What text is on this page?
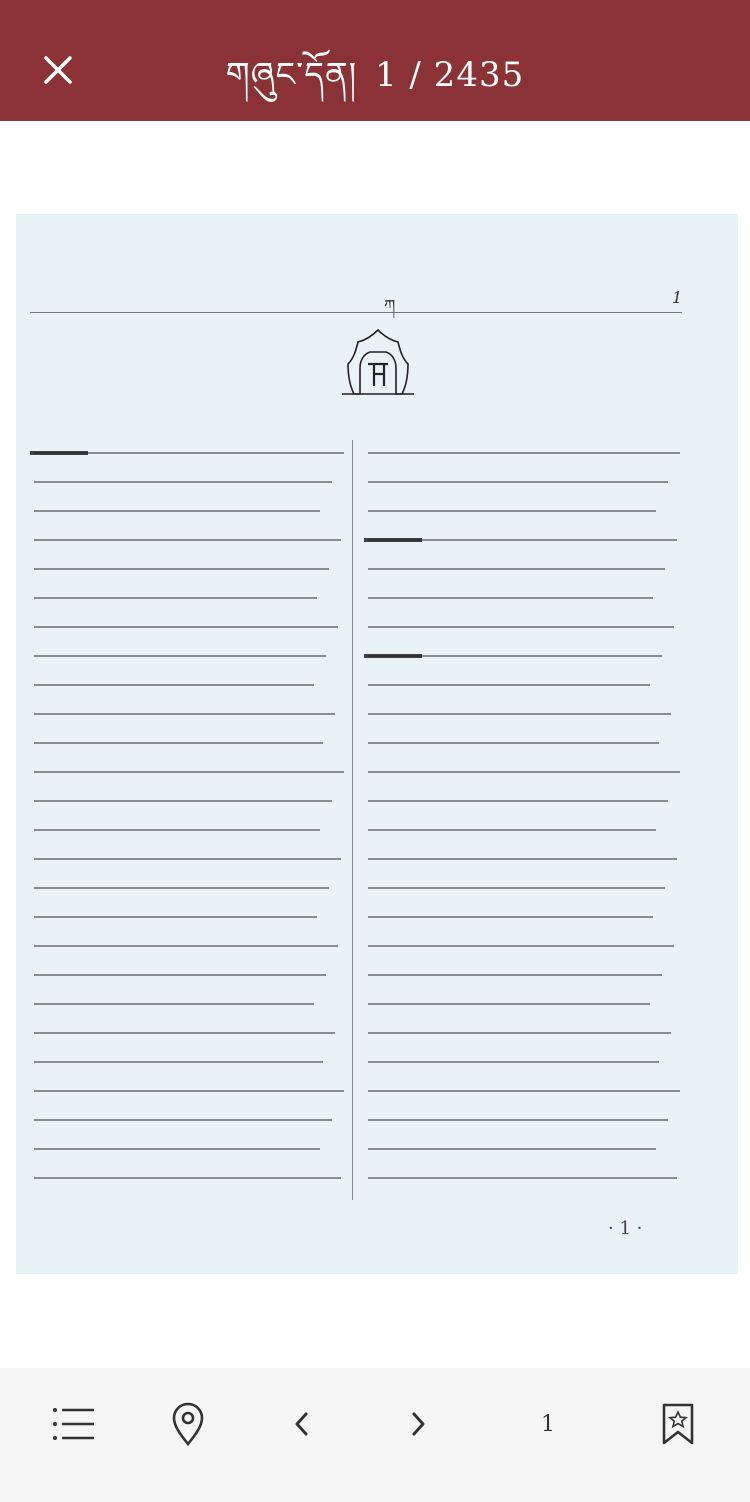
གཞུང་དོན། 1 / 2435
ཀ	1
· 1 ·
1
